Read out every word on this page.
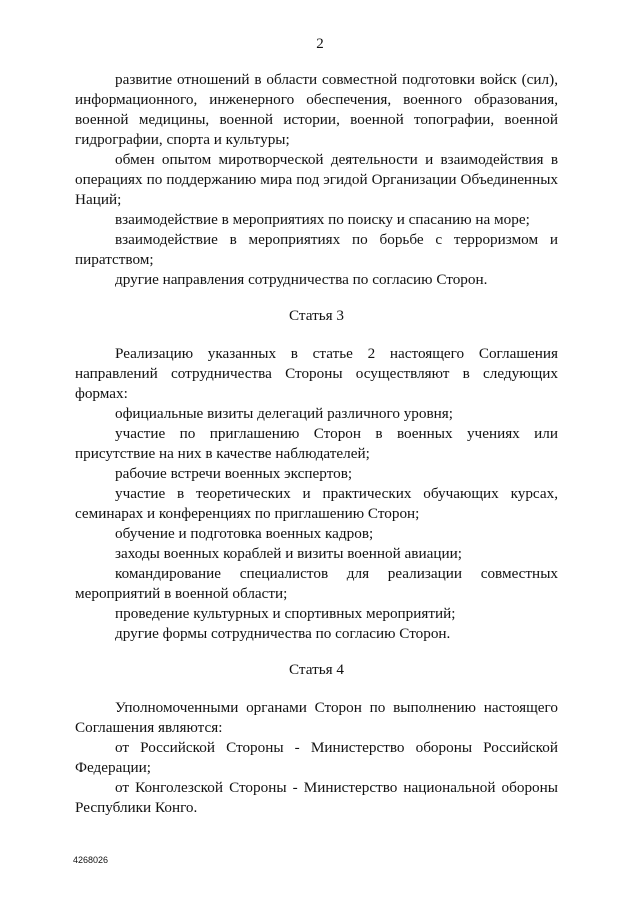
2

развитие отношений в области совместной подготовки войск (сил), информационного, инженерного обеспечения, военного образования, военной медицины, военной истории, военной топографии, военной гидрографии, спорта и культуры;

обмен опытом миротворческой деятельности и взаимодействия в операциях по поддержанию мира под эгидой Организации Объединенных Наций;

взаимодействие в мероприятиях по поиску и спасанию на море;

взаимодействие в мероприятиях по борьбе с терроризмом и пиратством;

другие направления сотрудничества по согласию Сторон.

Статья 3

Реализацию указанных в статье 2 настоящего Соглашения направлений сотрудничества Стороны осуществляют в следующих формах:

официальные визиты делегаций различного уровня;

участие по приглашению Сторон в военных учениях или присутствие на них в качестве наблюдателей;

рабочие встречи военных экспертов;

участие в теоретических и практических обучающих курсах, семинарах и конференциях по приглашению Сторон;

обучение и подготовка военных кадров;

заходы военных кораблей и визиты военной авиации;

командирование специалистов для реализации совместных мероприятий в военной области;

проведение культурных и спортивных мероприятий;

другие формы сотрудничества по согласию Сторон.

Статья 4

Уполномоченными органами Сторон по выполнению настоящего Соглашения являются:

от Российской Стороны - Министерство обороны Российской Федерации;

от Конголезской Стороны - Министерство национальной обороны Республики Конго.

4268026
